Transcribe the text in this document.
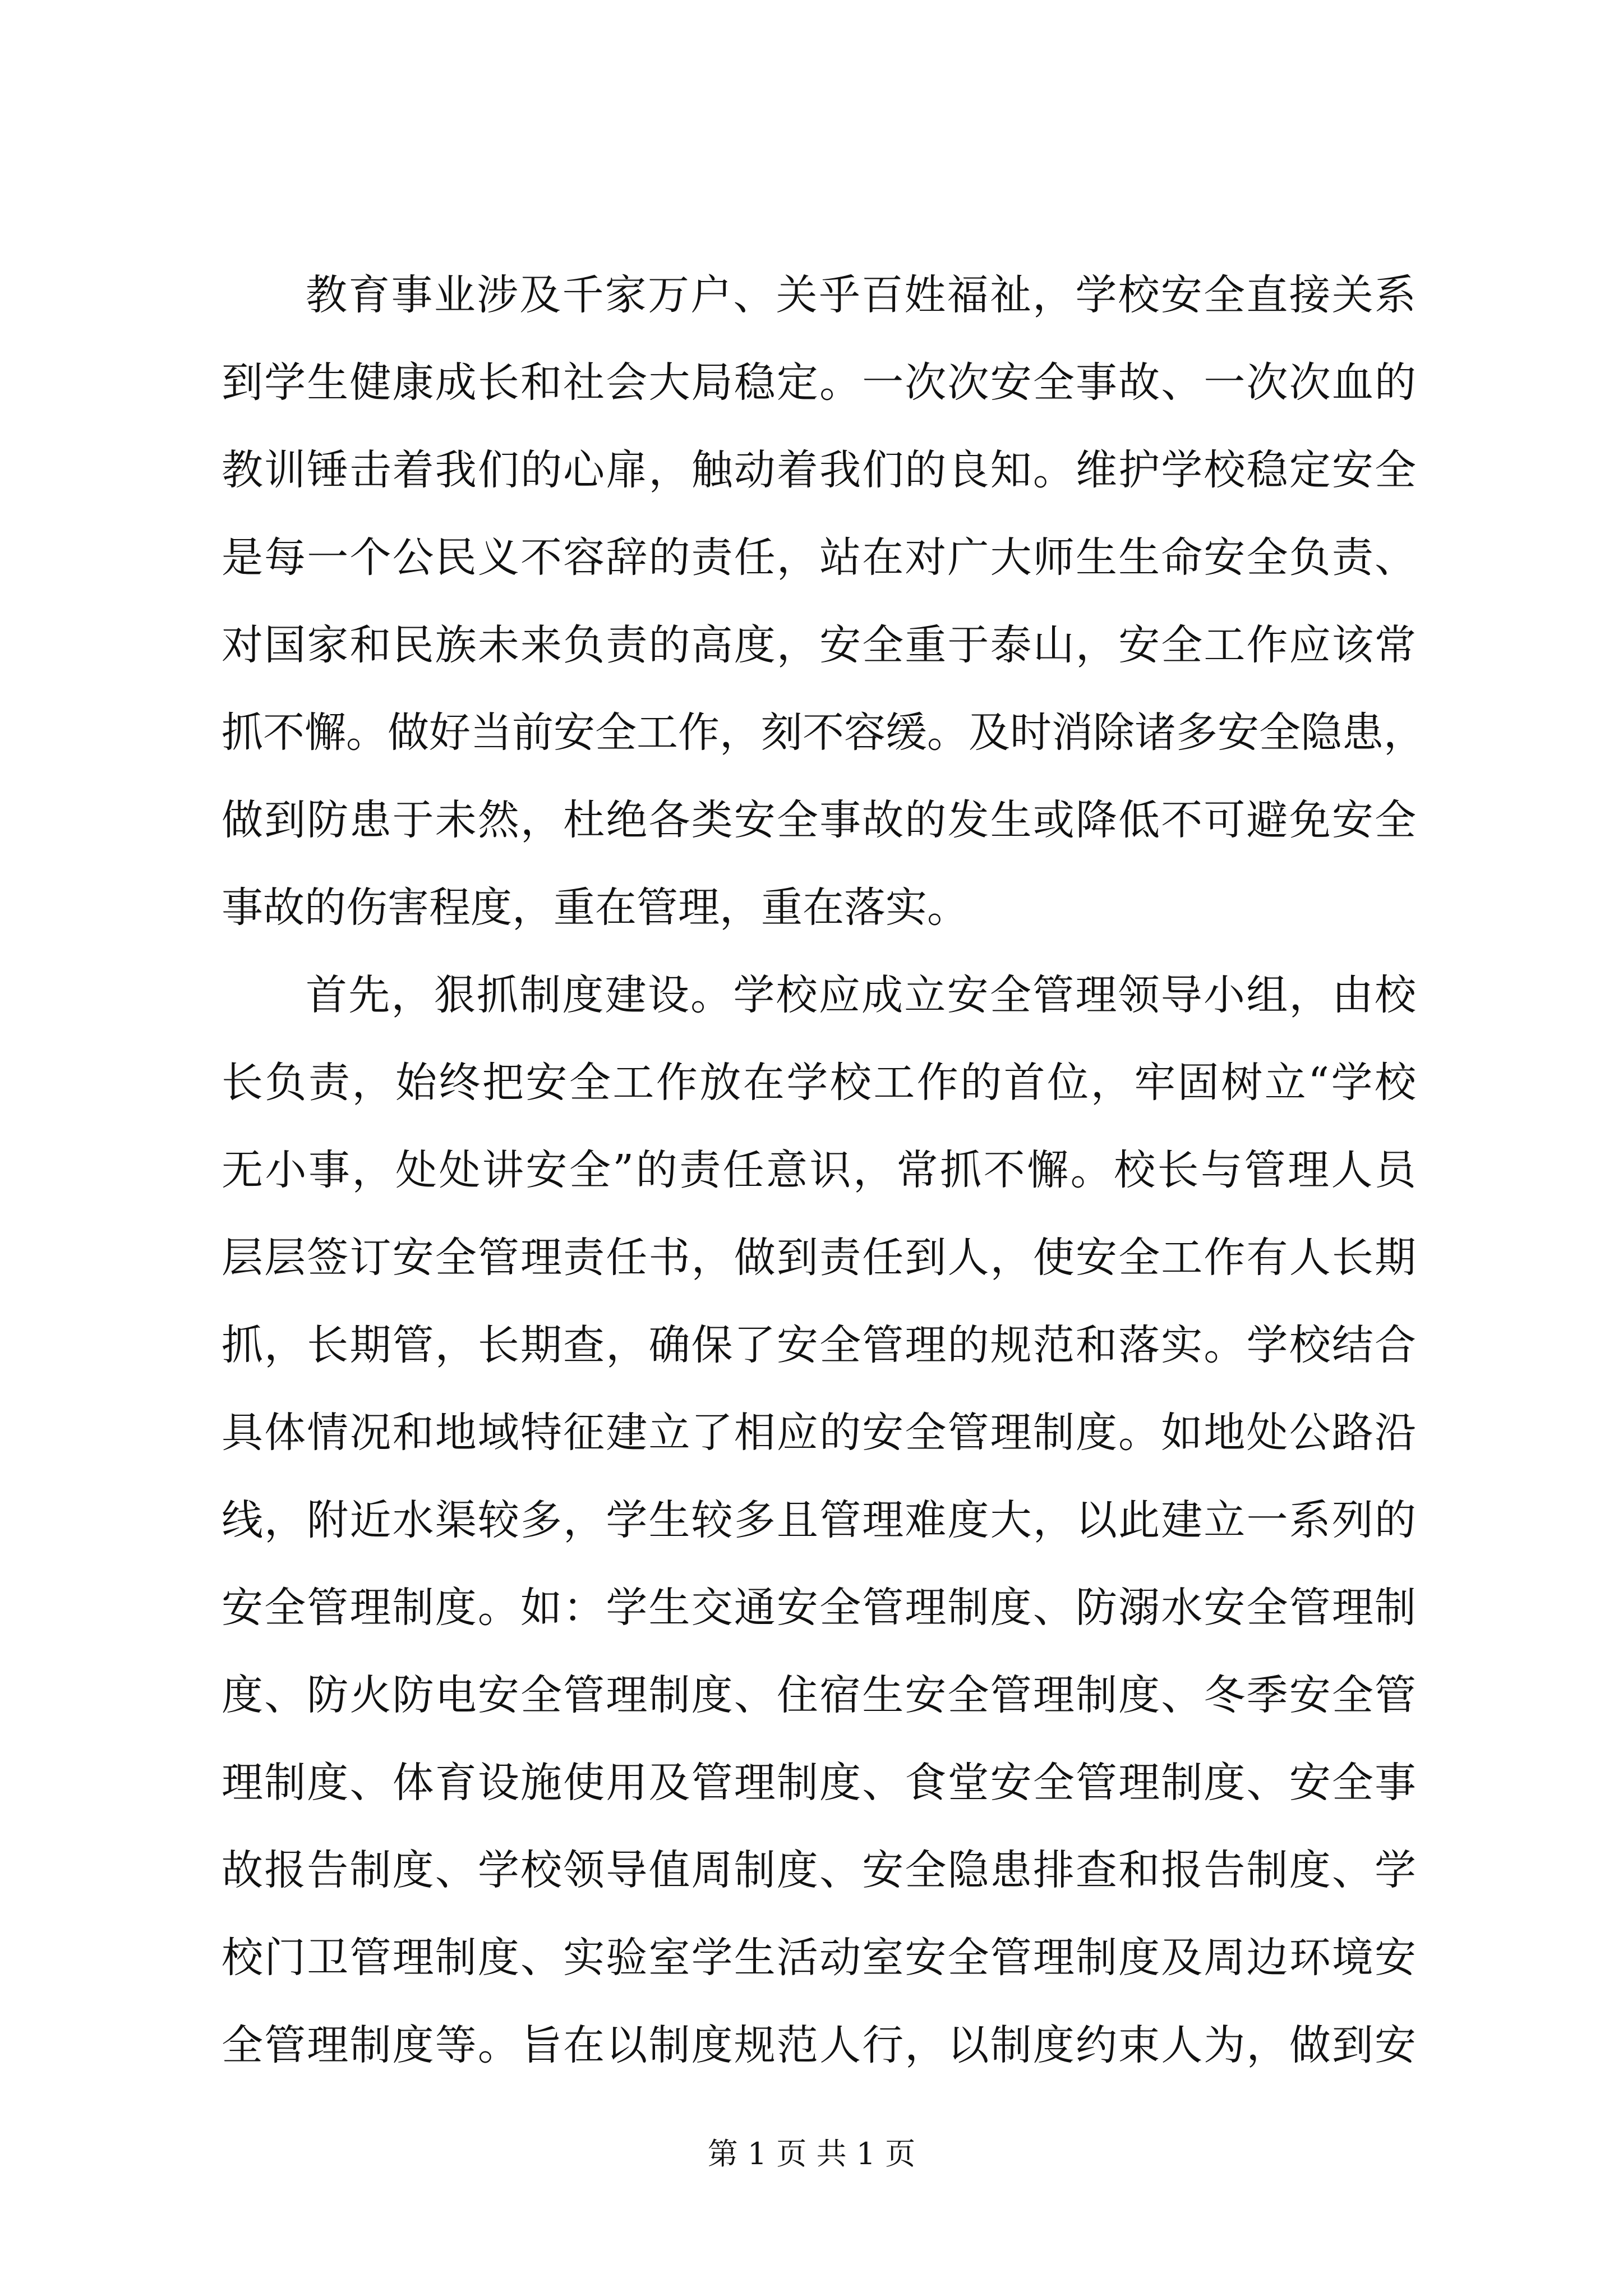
教育事业涉及千家万户、关乎百姓福祉，学校安全直接关系
到学生健康成长和社会大局稳定。一次次安全事故、一次次血的
教训锤击着我们的心扉，触动着我们的良知。维护学校稳定安全
是每一个公民义不容辞的责任，站在对广大师生生命安全负责、
对国家和民族未来负责的高度，安全重于泰山，安全工作应该常
抓不懈。做好当前安全工作，刻不容缓。及时消除诸多安全隐患，
做到防患于未然，杜绝各类安全事故的发生或降低不可避免安全
事故的伤害程度，重在管理，重在落实。
首先，狠抓制度建设。学校应成立安全管理领导小组，由校
长负责，始终把安全工作放在学校工作的首位，牢固树立“学校
无小事，处处讲安全”的责任意识，常抓不懈。校长与管理人员
层层签订安全管理责任书，做到责任到人，使安全工作有人长期
抓，长期管，长期查，确保了安全管理的规范和落实。学校结合
具体情况和地域特征建立了相应的安全管理制度。如地处公路沿
线，附近水渠较多，学生较多且管理难度大，以此建立一系列的
安全管理制度。如：学生交通安全管理制度、防溺水安全管理制
度、防火防电安全管理制度、住宿生安全管理制度、冬季安全管
理制度、体育设施使用及管理制度、食堂安全管理制度、安全事
故报告制度、学校领导值周制度、安全隐患排查和报告制度、学
校门卫管理制度、实验室学生活动室安全管理制度及周边环境安
全管理制度等。旨在以制度规范人行，以制度约束人为，做到安
第 1 页 共 1 页
